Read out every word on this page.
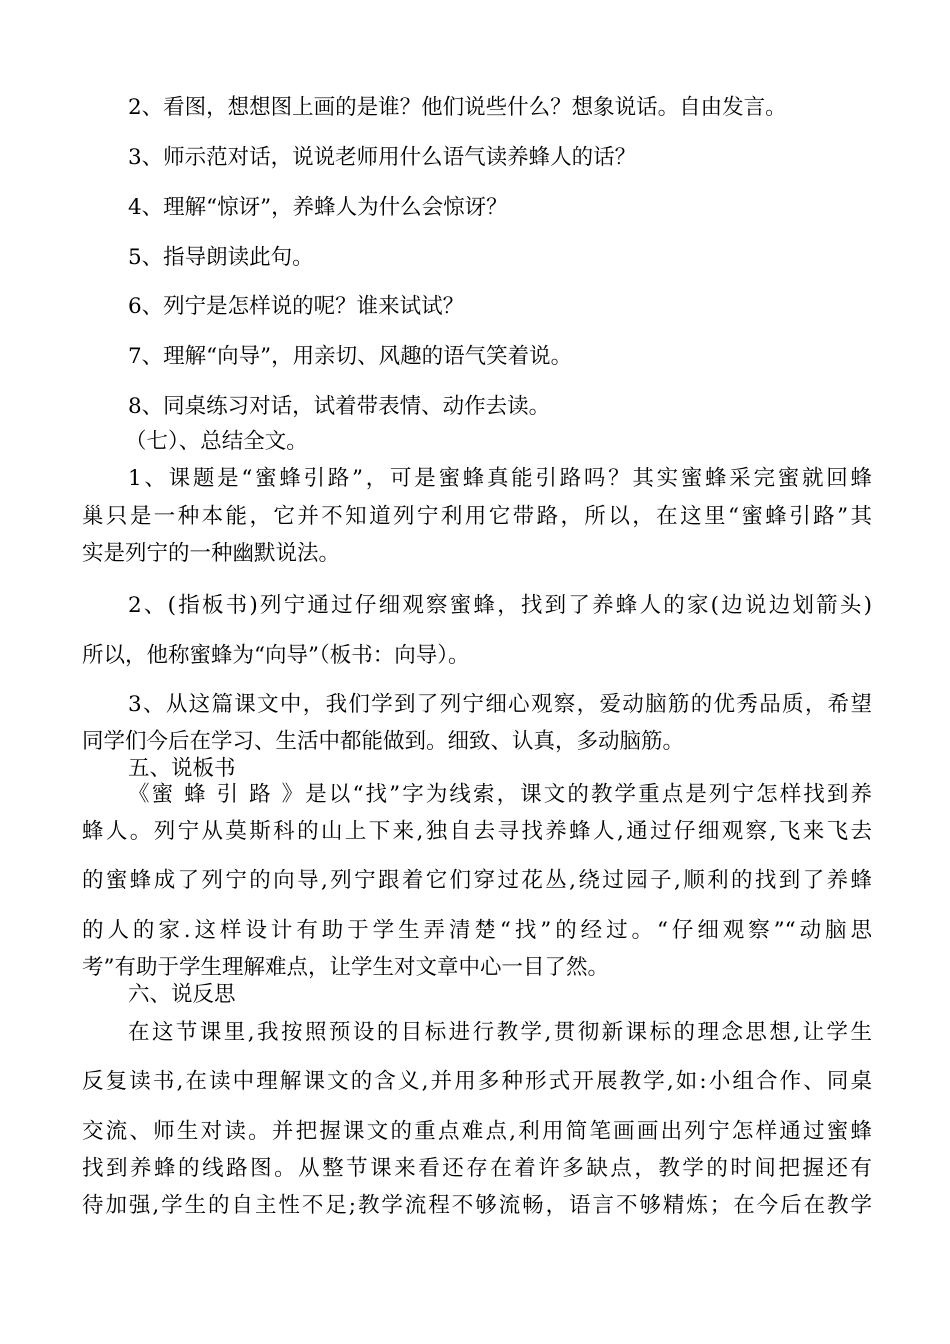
2、看图，想想图上画的是谁？他们说些什么？想象说话。自由发言。
3、师示范对话，说说老师用什么语气读养蜂人的话？
4、理解“惊讶”，养蜂人为什么会惊讶？
5、指导朗读此句。
6、列宁是怎样说的呢？谁来试试？
7、理解“向导”，用亲切、风趣的语气笑着说。
8、同桌练习对话，试着带表情、动作去读。
（七）、总结全文。
1、课题是“蜜蜂引路”，可是蜜蜂真能引路吗？其实蜜蜂采完蜜就回蜂
巢只是一种本能，它并不知道列宁利用它带路，所以，在这里“蜜蜂引路”其
实是列宁的一种幽默说法。
2、(指板书)列宁通过仔细观察蜜蜂，找到了养蜂人的家(边说边划箭头)
所以，他称蜜蜂为“向导”（板书：向导）。
3、从这篇课文中，我们学到了列宁细心观察，爱动脑筋的优秀品质，希望
同学们今后在学习、生活中都能做到。细致、认真，多动脑筋。
五、说板书
《蜜 蜂 引 路 》是以“找”字为线索，课文的教学重点是列宁怎样找到养
蜂人。列宁从莫斯科的山上下来,独自去寻找养蜂人,通过仔细观察,飞来飞去
的蜜蜂成了列宁的向导,列宁跟着它们穿过花丛,绕过园子,顺利的找到了养蜂
的人的家.这样设计有助于学生弄清楚“找”的经过。“仔细观察”“动脑思
考”有助于学生理解难点，让学生对文章中心一目了然。
六、说反思
在这节课里,我按照预设的目标进行教学,贯彻新课标的理念思想,让学生
反复读书,在读中理解课文的含义,并用多种形式开展教学,如:小组合作、同桌
交流、师生对读。并把握课文的重点难点,利用简笔画画出列宁怎样通过蜜蜂
找到养蜂的线路图。从整节课来看还存在着许多缺点，教学的时间把握还有
待加强,学生的自主性不足;教学流程不够流畅，语言不够精炼；在今后在教学
